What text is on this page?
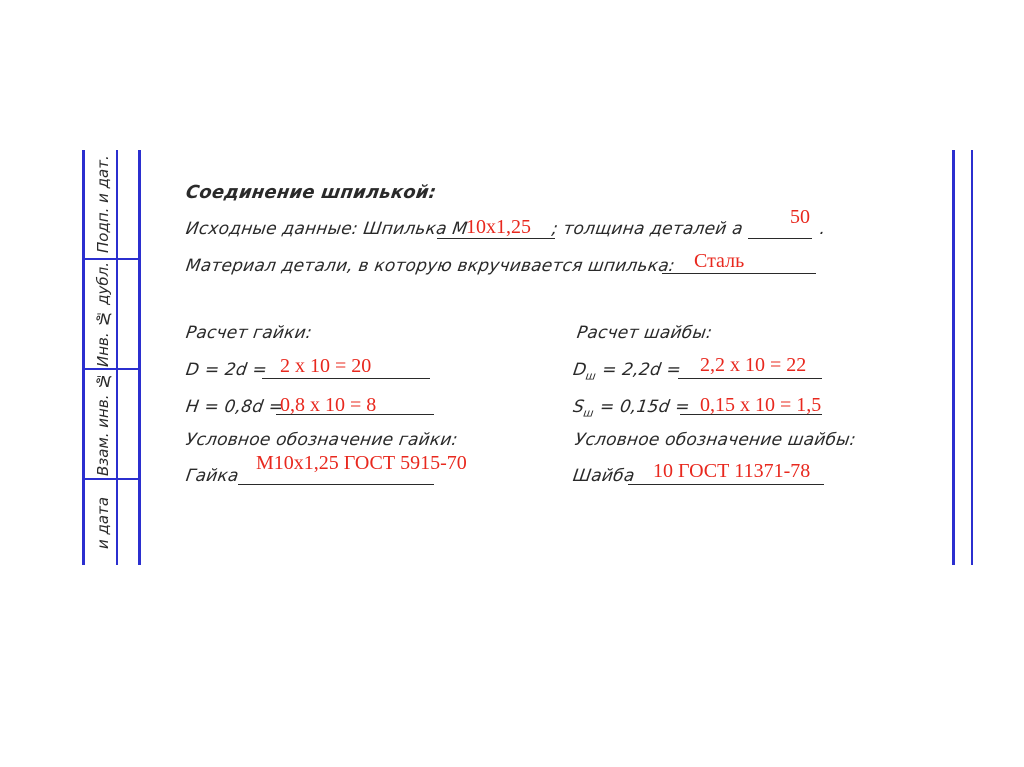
Подп. и дат.
Инв. № дубл.
Взам. инв. №
и дата
Соединение шпилькой:
Исходные данные: Шпилька М
10х1,25 ; толщина деталей а
50
.
Материал детали, в которую вкручивается шпилька: Сталь
Расчет гайки:
D = 2d = 2 х 10 = 20
H = 0,8d =
0,8 х 10 = 8
Условное обозначение гайки:
Гайка
М10х1,25 ГОСТ 5915-70
Расчет шайбы:
$D_ш = 2,2d = 2,2$ х 10 = 22
$S_ш = 0,15d = 0,15$ х 10 = 1,5
Условное обозначение шайбы:
Шайба 10 ГОСТ 11371-78
